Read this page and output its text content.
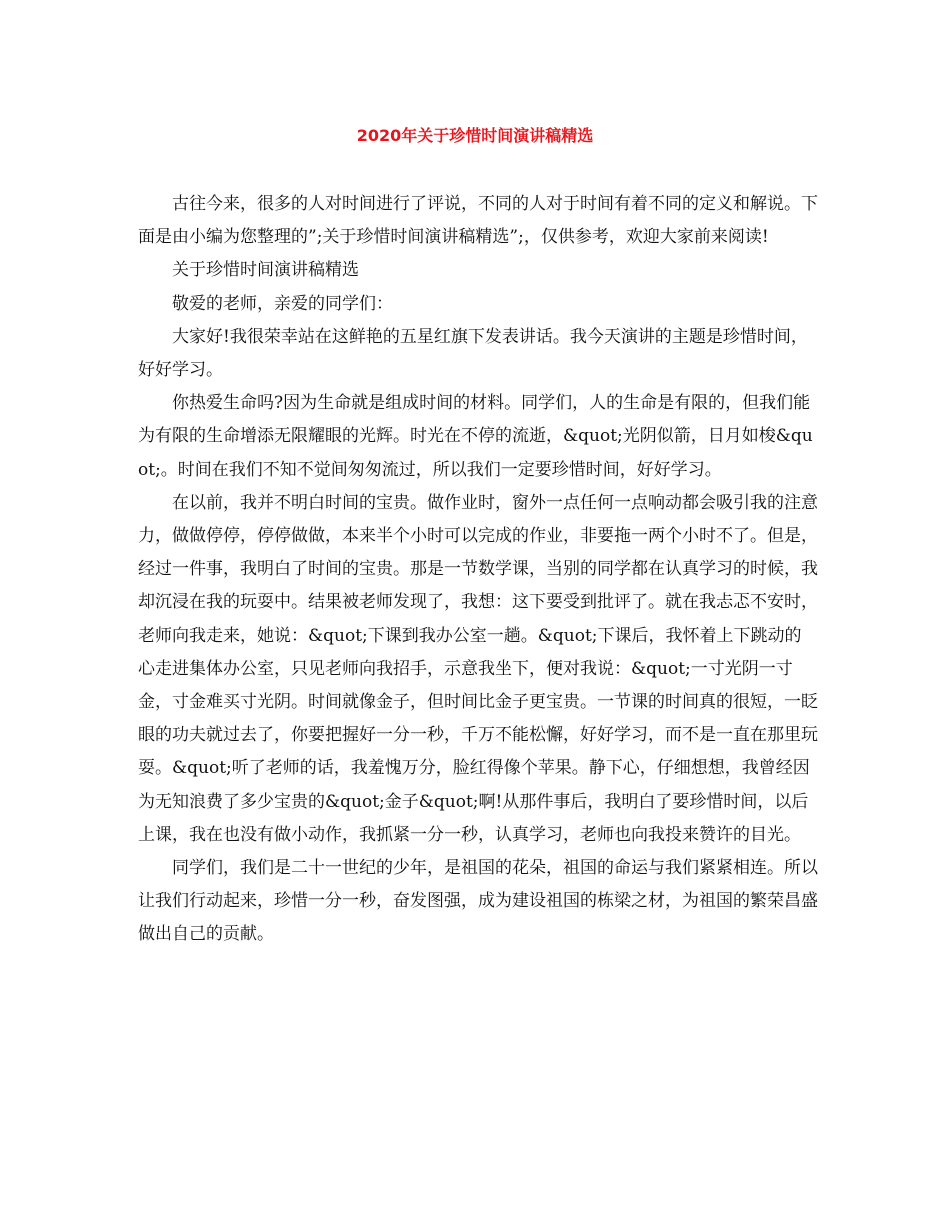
2020年关于珍惜时间演讲稿精选

古往今来，很多的人对时间进行了评说，不同的人对于时间有着不同的定义和解说。下面是由小编为您整理的”;关于珍惜时间演讲稿精选”;，仅供参考，欢迎大家前来阅读!

关于珍惜时间演讲稿精选

敬爱的老师，亲爱的同学们：

大家好!我很荣幸站在这鲜艳的五星红旗下发表讲话。我今天演讲的主题是珍惜时间，好好学习。

你热爱生命吗?因为生命就是组成时间的材料。同学们，人的生命是有限的，但我们能为有限的生命增添无限耀眼的光辉。时光在不停的流逝，&quot;光阴似箭，日月如梭&quot;。时间在我们不知不觉间匆匆流过，所以我们一定要珍惜时间，好好学习。

在以前，我并不明白时间的宝贵。做作业时，窗外一点任何一点响动都会吸引我的注意力，做做停停，停停做做，本来半个小时可以完成的作业，非要拖一两个小时不了。但是，经过一件事，我明白了时间的宝贵。那是一节数学课，当别的同学都在认真学习的时候，我却沉浸在我的玩耍中。结果被老师发现了，我想：这下要受到批评了。就在我忐忑不安时，老师向我走来，她说：&quot;下课到我办公室一趟。&quot;下课后，我怀着上下跳动的心走进集体办公室，只见老师向我招手，示意我坐下，便对我说：&quot;一寸光阴一寸金，寸金难买寸光阴。时间就像金子，但时间比金子更宝贵。一节课的时间真的很短，一眨眼的功夫就过去了，你要把握好一分一秒，千万不能松懈，好好学习，而不是一直在那里玩耍。&quot;听了老师的话，我羞愧万分，脸红得像个苹果。静下心，仔细想想，我曾经因为无知浪费了多少宝贵的&quot;金子&quot;啊!从那件事后，我明白了要珍惜时间，以后上课，我在也没有做小动作，我抓紧一分一秒，认真学习，老师也向我投来赞许的目光。

同学们，我们是二十一世纪的少年，是祖国的花朵，祖国的命运与我们紧紧相连。所以让我们行动起来，珍惜一分一秒，奋发图强，成为建设祖国的栋梁之材，为祖国的繁荣昌盛做出自己的贡献。
